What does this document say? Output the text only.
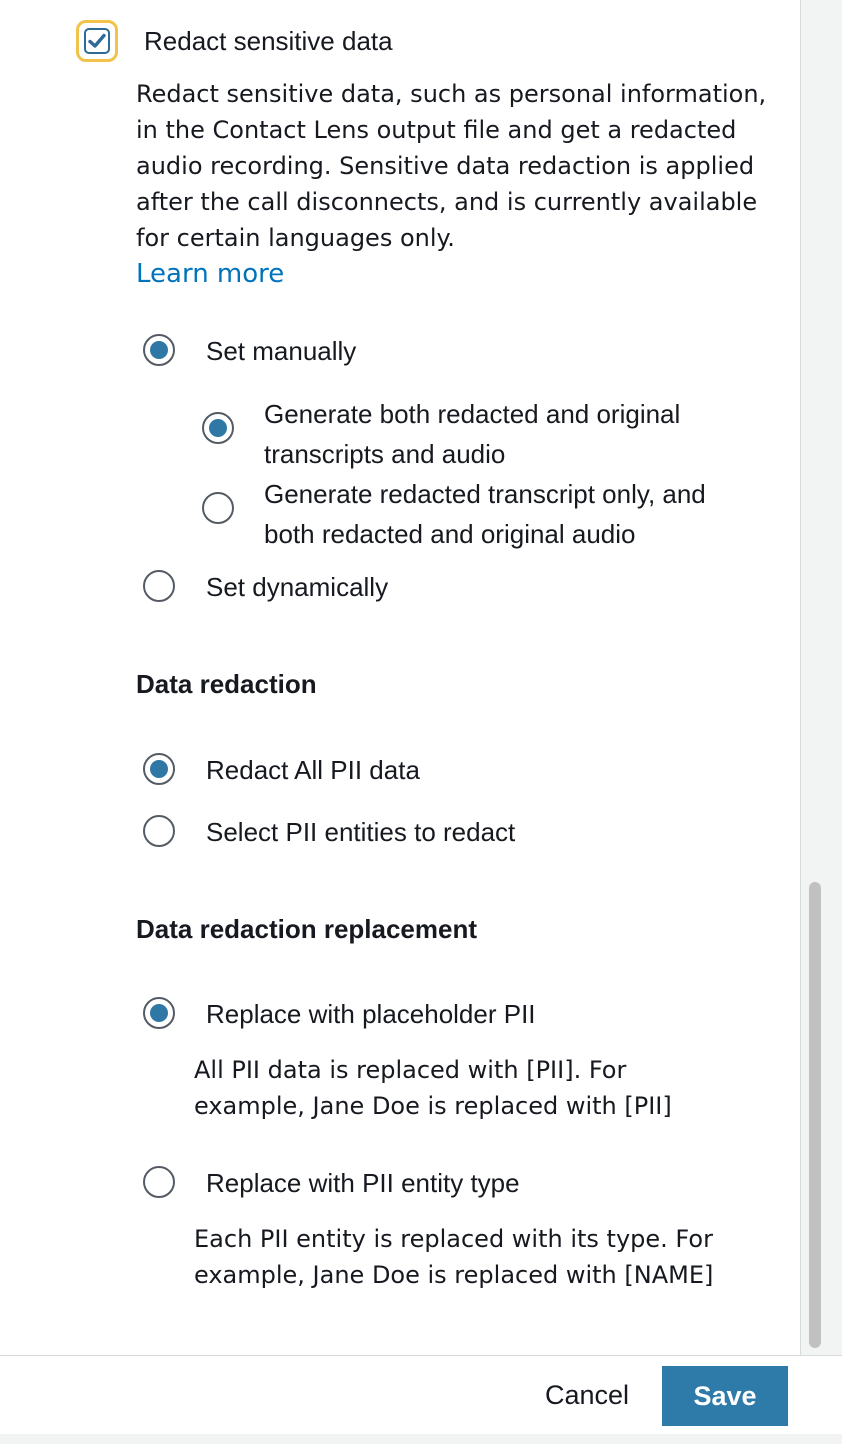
Redact sensitive data
Redact sensitive data, such as personal information, in the Contact Lens output file and get a redacted audio recording. Sensitive data redaction is applied after the call disconnects, and is currently available for certain languages only.
Learn more
Set manually
Generate both redacted and original
transcripts and audio
Generate redacted transcript only, and
both redacted and original audio
Set dynamically
Data redaction
Redact All PII data
Select PII entities to redact
Data redaction replacement
Replace with placeholder PII
All PII data is replaced with [PII]. For
example, Jane Doe is replaced with [PII]
Replace with PII entity type
Each PII entity is replaced with its type. For
example, Jane Doe is replaced with [NAME]
Cancel	Save
